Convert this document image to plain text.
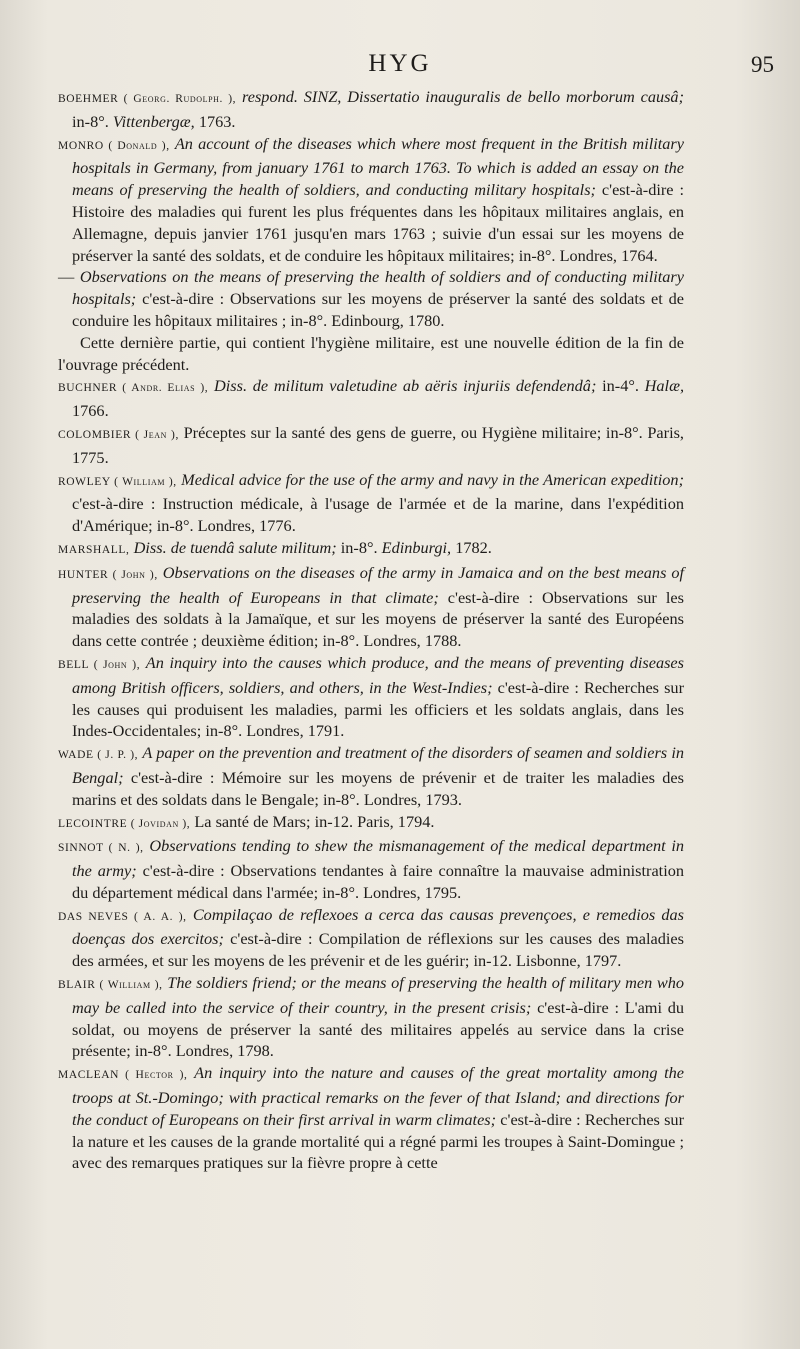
HYG	95

BOEHMER ( Georg. Rudolph. ), respond. SINZ, Dissertatio inauguralis de bello morborum causâ; in-8°. Vittenbergæ, 1763.

MONRO ( Donald ), An account of the diseases which where most frequent in the British military hospitals in Germany, from january 1761 to march 1763. To which is added an essay on the means of preserving the health of soldiers, and conducting military hospitals; c'est-à-dire : Histoire des maladies qui furent les plus fréquentes dans les hôpitaux militaires anglais, en Allemagne, depuis janvier 1761 jusqu'en mars 1763 ; suivie d'un essai sur les moyens de préserver la santé des soldats, et de conduire les hôpitaux militaires; in-8°. Londres, 1764.

— Observations on the means of preserving the health of soldiers and of conducting military hospitals; c'est-à-dire : Observations sur les moyens de préserver la santé des soldats et de conduire les hôpitaux militaires ; in-8°. Edinbourg, 1780.

Cette dernière partie, qui contient l'hygiène militaire, est une nouvelle édition de la fin de l'ouvrage précédent.

BUCHNER ( Andr. Elias ), Diss. de militum valetudine ab aëris injuriis defendendâ; in-4°. Halæ, 1766.

COLOMBIER ( Jean ), Préceptes sur la santé des gens de guerre, ou Hygiène militaire; in-8°. Paris, 1775.

ROWLEY ( William ), Medical advice for the use of the army and navy in the American expedition; c'est-à-dire : Instruction médicale, à l'usage de l'armée et de la marine, dans l'expédition d'Amérique; in-8°. Londres, 1776.

MARSHALL, Diss. de tuendâ salute militum; in-8°. Edinburgi, 1782.

HUNTER ( John ), Observations on the diseases of the army in Jamaica and on the best means of preserving the health of Europeans in that climate; c'est-à-dire : Observations sur les maladies des soldats à la Jamaïque, et sur les moyens de préserver la santé des Européens dans cette contrée ; deuxième édition; in-8°. Londres, 1788.

BELL ( John ), An inquiry into the causes which produce, and the means of preventing diseases among British officers, soldiers, and others, in the West-Indies; c'est-à-dire : Recherches sur les causes qui produisent les maladies, parmi les officiers et les soldats anglais, dans les Indes-Occidentales; in-8°. Londres, 1791.

WADE ( J. P. ), A paper on the prevention and treatment of the disorders of seamen and soldiers in Bengal; c'est-à-dire : Mémoire sur les moyens de prévenir et de traiter les maladies des marins et des soldats dans le Bengale; in-8°. Londres, 1793.

LECOINTRE ( Jovidan ), La santé de Mars; in-12. Paris, 1794.

SINNOT ( N. ), Observations tending to shew the mismanagement of the medical department in the army; c'est-à-dire : Observations tendantes à faire connaître la mauvaise administration du département médical dans l'armée; in-8°. Londres, 1795.

DAS NEVES ( A. A. ), Compilaçao de reflexoes a cerca das causas prevençoes, e remedios das doenças dos exercitos; c'est-à-dire : Compilation de réflexions sur les causes des maladies des armées, et sur les moyens de les prévenir et de les guérir; in-12. Lisbonne, 1797.

BLAIR ( William ), The soldiers friend; or the means of preserving the health of military men who may be called into the service of their country, in the present crisis; c'est-à-dire : L'ami du soldat, ou moyens de préserver la santé des militaires appelés au service dans la crise présente; in-8°. Londres, 1798.

MACLEAN ( Hector ), An inquiry into the nature and causes of the great mortality among the troops at St.-Domingo; with practical remarks on the fever of that Island; and directions for the conduct of Europeans on their first arrival in warm climates; c'est-à-dire : Recherches sur la nature et les causes de la grande mortalité qui a régné parmi les troupes à Saint-Domingue ; avec des remarques pratiques sur la fièvre propre à cette
